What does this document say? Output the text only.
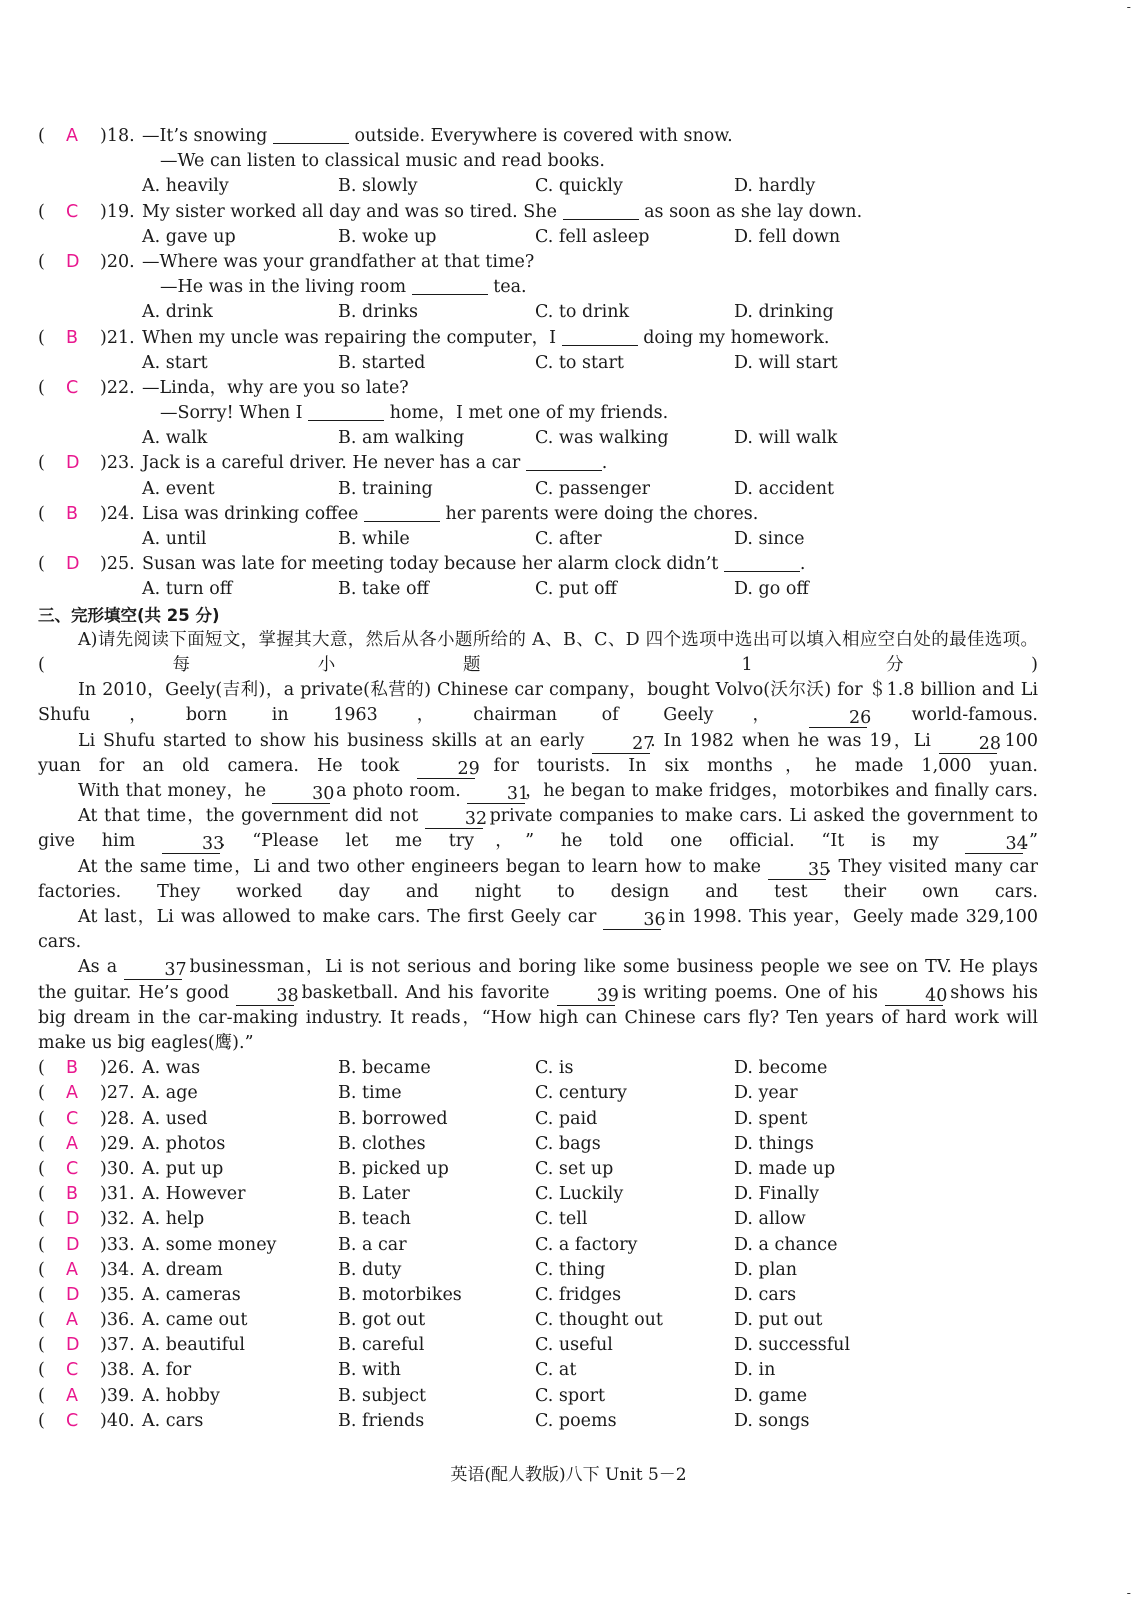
-
-
( A )18. —It’s snowing	outside. Everywhere is covered with snow.
—We can listen to classical music and read books.
A. heavily	B. slowly	C. quickly	D. hardly
( C )19. My sister worked all day and was so tired. She	as soon as she lay down.
A. gave up	B. woke up	C. fell asleep	D. fell down
( D )20. —Where was your grandfather at that time?
—He was in the living room	tea.
A. drink	B. drinks	C. to drink	D. drinking
( B )21. When my uncle was repairing the computer，I	doing my homework.
A. start	B. started	C. to start	D. will start
( C )22. —Linda，why are you so late?
—Sorry! When I	home，I met one of my friends.
A. walk	B. am walking	C. was walking	D. will walk
( D )23. Jack is a careful driver. He never has a car	.
A. event	B. training	C. passenger	D. accident
( B )24. Lisa was drinking coffee	her parents were doing the chores.
A. until	B. while	C. after	D. since
( D )25. Susan was late for meeting today because her alarm clock didn’t	.
A. turn off	B. take off	C. put off	D. go off
三、完形填空(共 25 分)
A)请先阅读下面短文，掌握其大意，然后从各小题所给的 A、B、C、D 四个选项中选出可以填入相应空白处的最佳选项。(每小题 1 分)
In 2010，Geely(吉利)，a private(私营的) Chinese car company，bought Volvo(沃尔沃) for ＄1.8 billion and Li Shufu，born in 1963，chairman of Geely， 26 world-famous.
Li Shufu started to show his business skills at an early 27. In 1982 when he was 19，Li 28 100 yuan for an old camera. He took 29 for tourists. In six months，he made 1,000 yuan.
With that money，he 30 a photo room. 31，he began to make fridges，motorbikes and finally cars.
At that time，the government did not 32 private companies to make cars. Li asked the government to give him 33. “Please let me try，” he told one official. “It is my 34.”
At the same time，Li and two other engineers began to learn how to make 35. They visited many car factories. They worked day and night to design and test their own cars.
At last，Li was allowed to make cars. The first Geely car 36 in 1998. This year，Geely made 329,100 cars.
As a 37 businessman，Li is not serious and boring like some business people we see on TV. He plays the guitar. He’s good 38 basketball. And his favorite 39 is writing poems. One of his 40 shows his big dream in the car-making industry. It reads，“How high can Chinese cars fly? Ten years of hard work will make us big eagles(鹰).”
( B )26. A. was	B. became	C. is	D. become
( A )27. A. age	B. time	C. century	D. year
( C )28. A. used	B. borrowed	C. paid	D. spent
( A )29. A. photos	B. clothes	C. bags	D. things
( C )30. A. put up	B. picked up	C. set up	D. made up
( B )31. A. However	B. Later	C. Luckily	D. Finally
( D )32. A. help	B. teach	C. tell	D. allow
( D )33. A. some money	B. a car	C. a factory	D. a chance
( A )34. A. dream	B. duty	C. thing	D. plan
( D )35. A. cameras	B. motorbikes	C. fridges	D. cars
( A )36. A. came out	B. got out	C. thought out	D. put out
( D )37. A. beautiful	B. careful	C. useful	D. successful
( C )38. A. for	B. with	C. at	D. in
( A )39. A. hobby	B. subject	C. sport	D. game
( C )40. A. cars	B. friends	C. poems	D. songs
英语(配人教版)八下 Unit 5－2
